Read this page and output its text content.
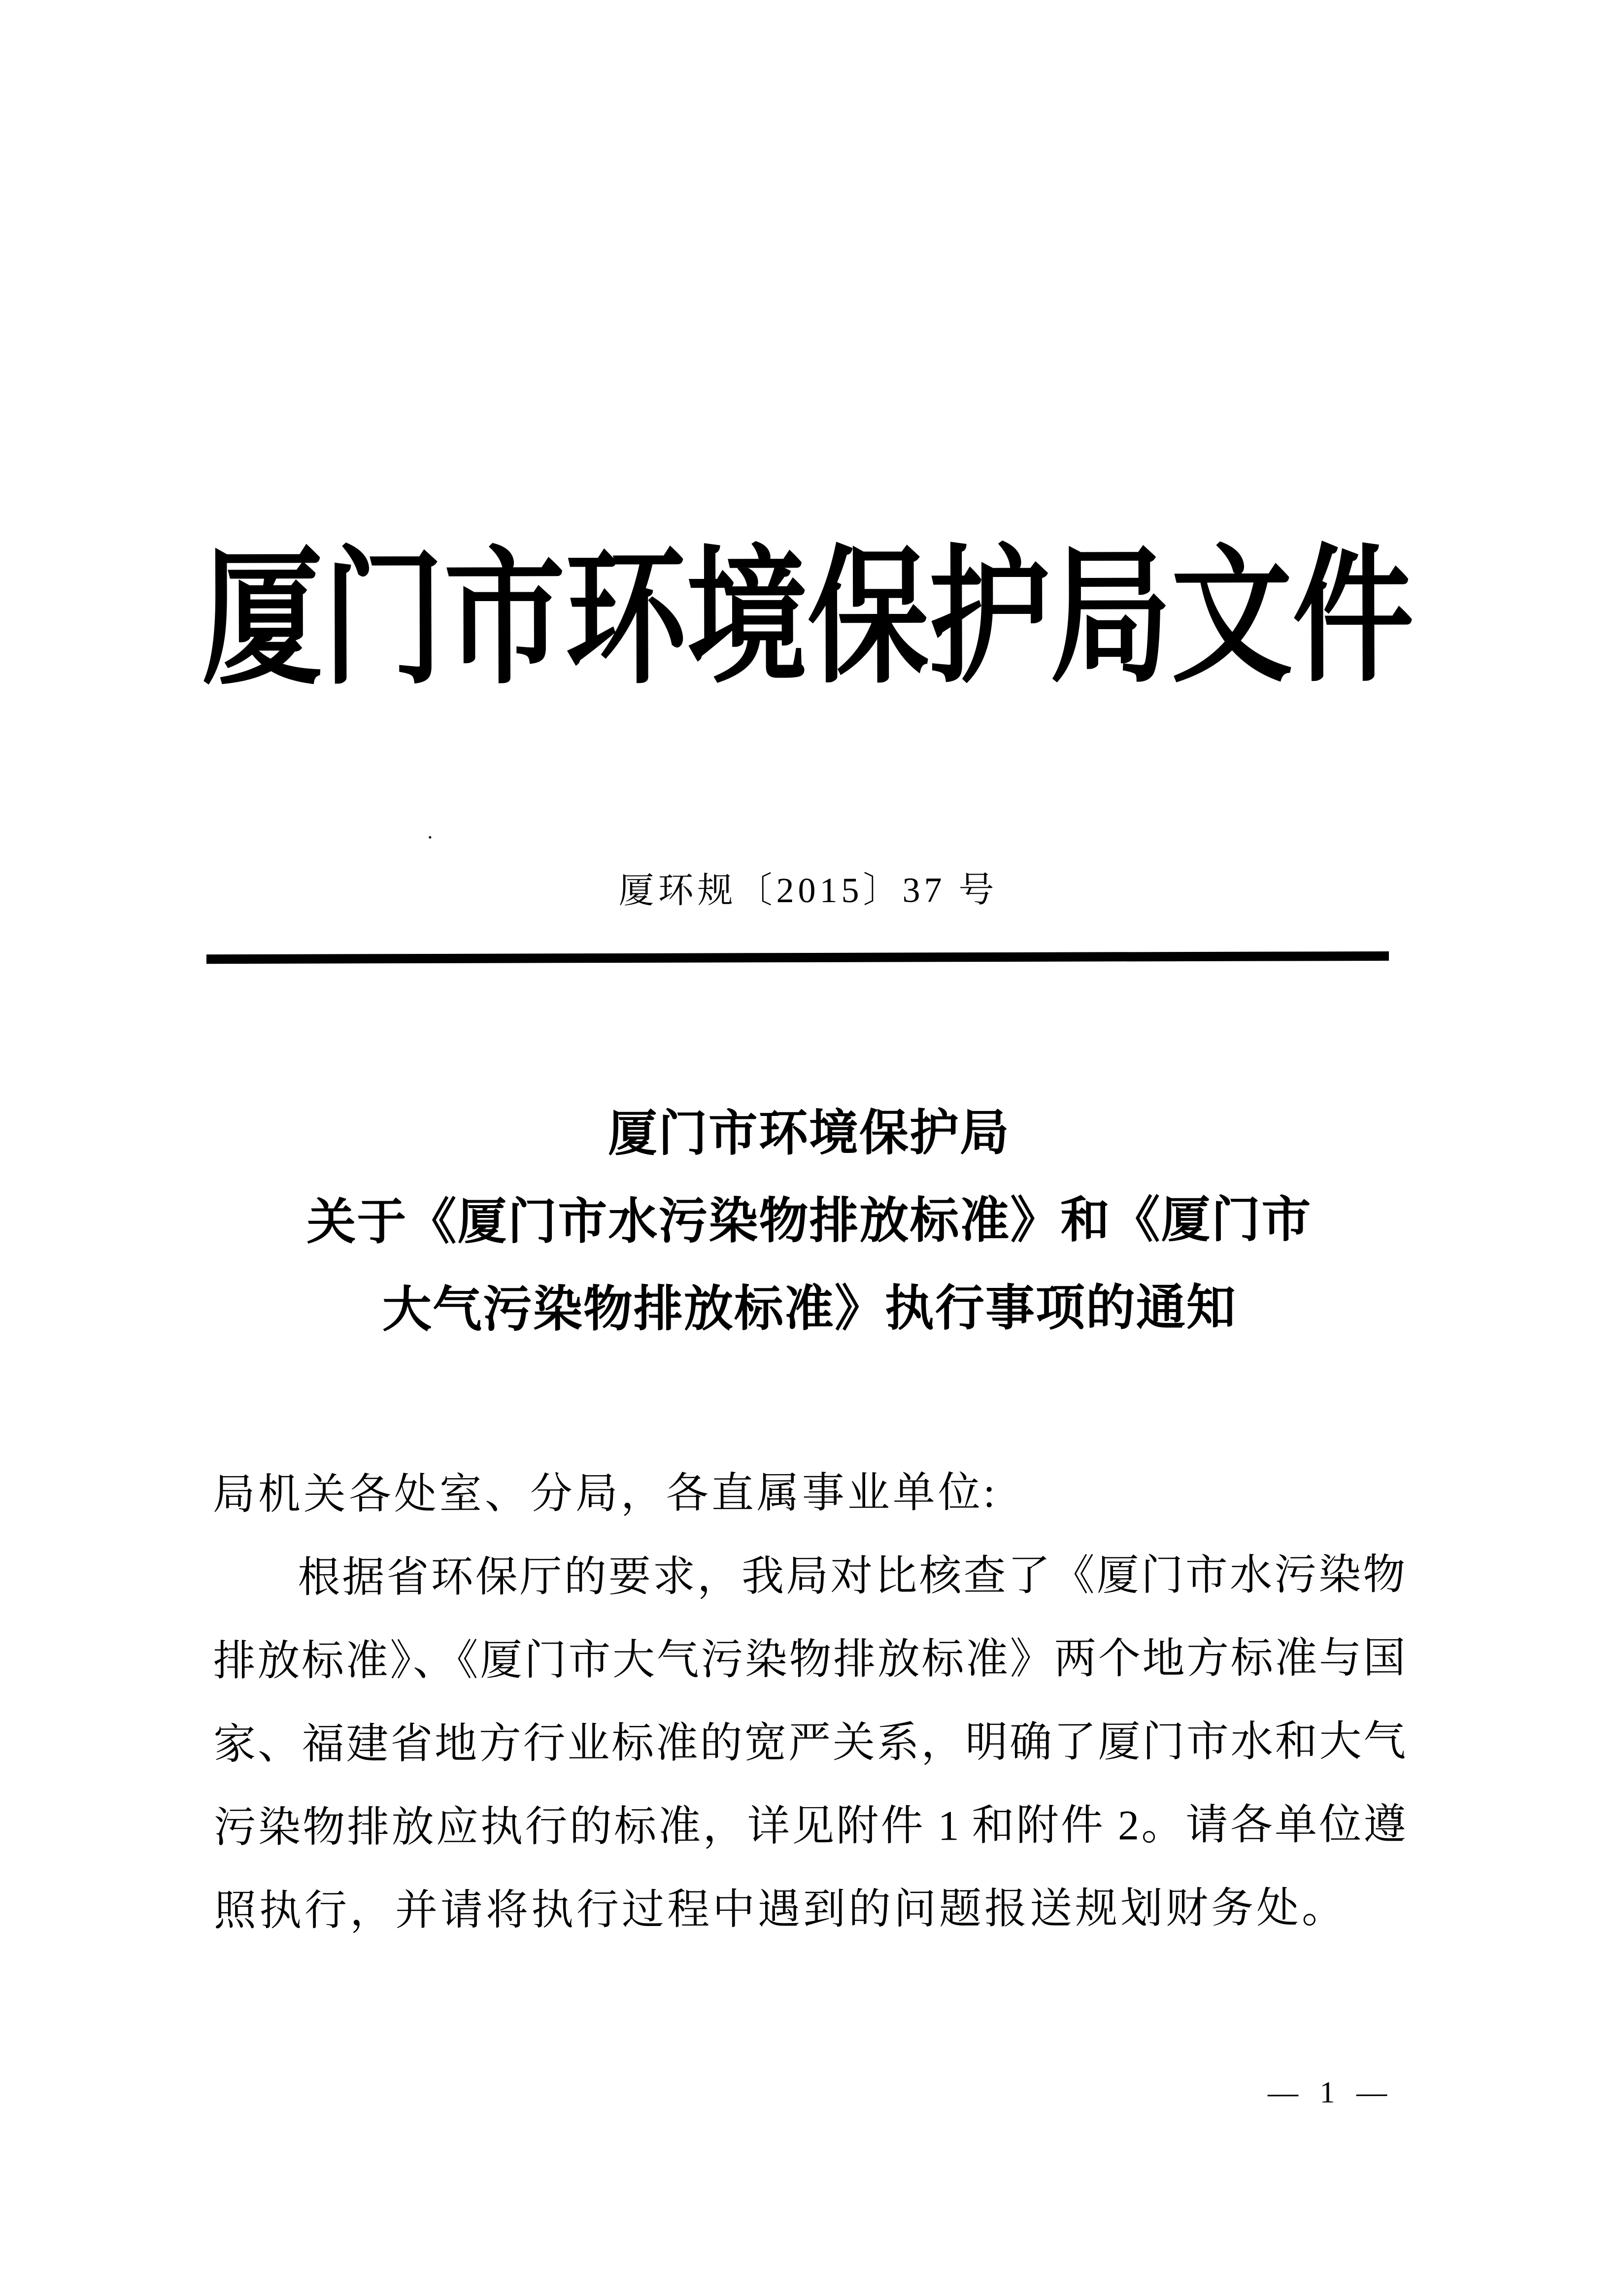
厦门市环境保护局文件
厦环规〔2015〕37 号
厦门市环境保护局
关于《厦门市水污染物排放标准》和《厦门市
大气污染物排放标准》执行事项的通知
局机关各处室、分局，各直属事业单位:
根据省环保厅的要求，我局对比核查了《厦门市水污染物
排放标准》、《厦门市大气污染物排放标准》两个地方标准与国
家、福建省地方行业标准的宽严关系，明确了厦门市水和大气
污染物排放应执行的标准，详见附件 1 和附件 2。请各单位遵
照执行，并请将执行过程中遇到的问题报送规划财务处。
— 1 —
